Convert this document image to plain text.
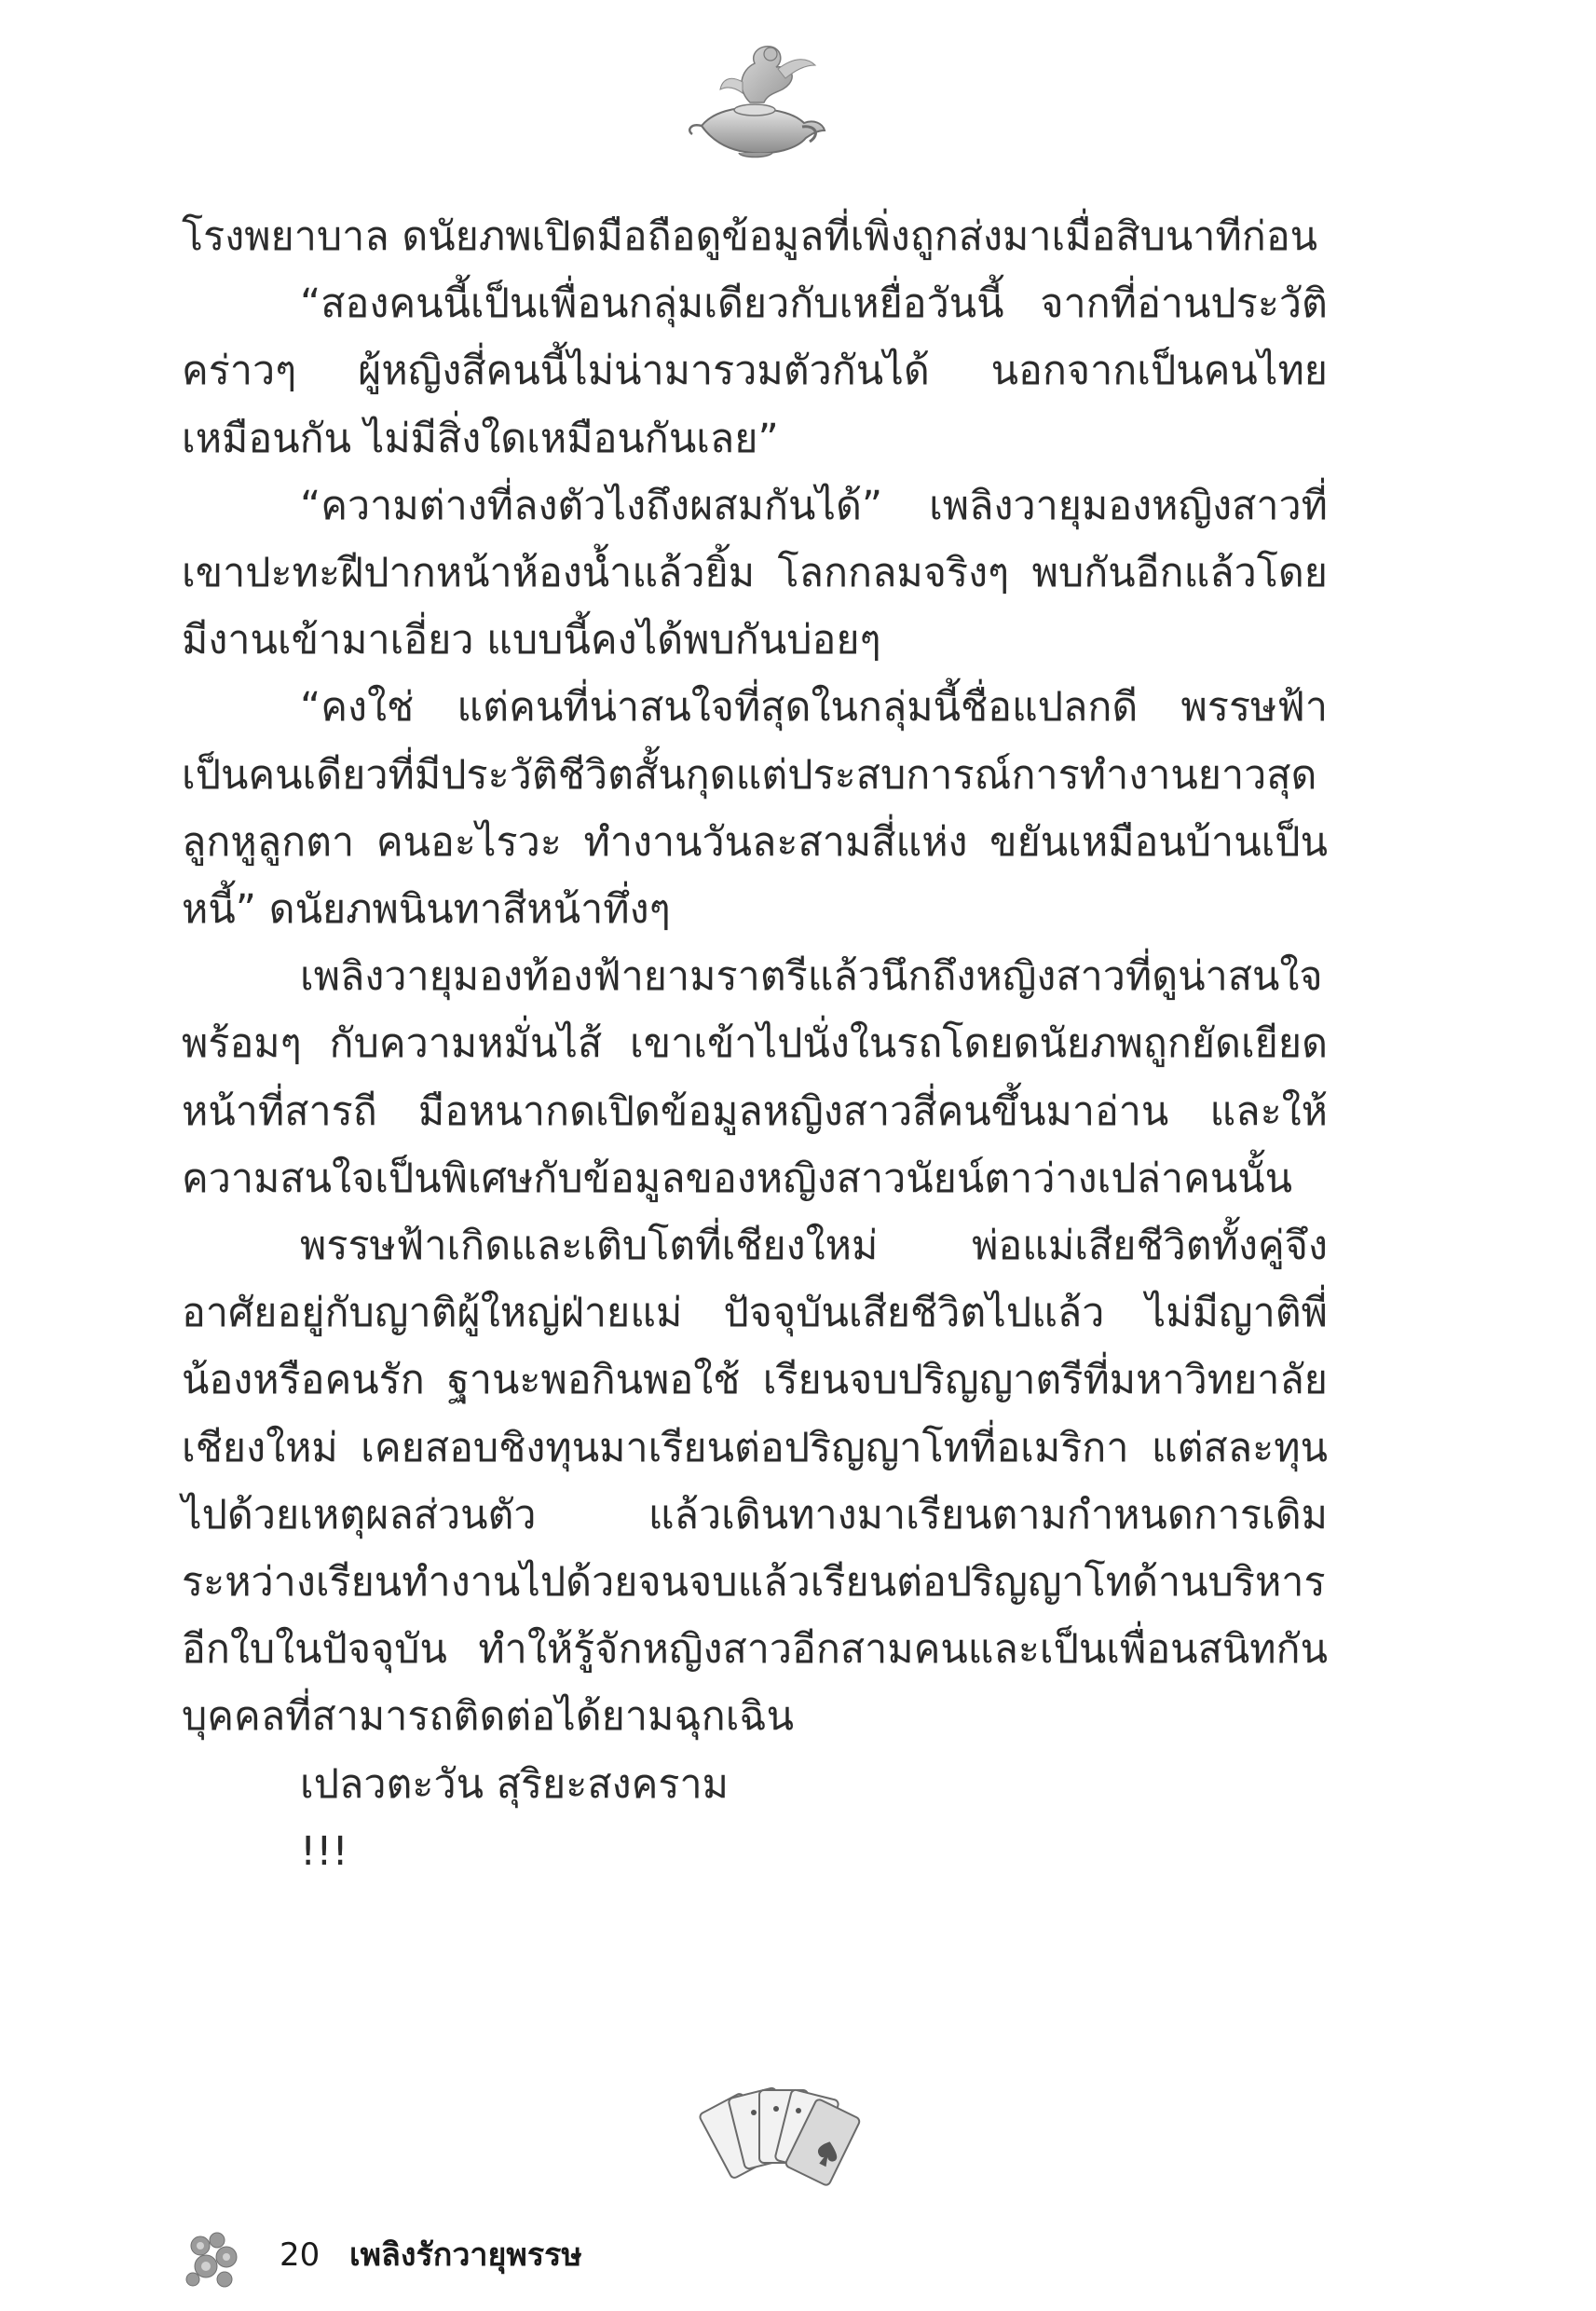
โรงพยาบาล ดนัยภพเปิดมือถือดูข้อมูลที่เพิ่งถูกส่งมาเมื่อสิบนาทีก่อน

“สองคนนี้เป็นเพื่อนกลุ่มเดียวกับเหยื่อวันนี้ จากที่อ่านประวัติคร่าวๆ ผู้หญิงสี่คนนี้ไม่น่ามารวมตัวกันได้ นอกจากเป็นคนไทยเหมือนกัน ไม่มีสิ่งใดเหมือนกันเลย”

“ความต่างที่ลงตัวไงถึงผสมกันได้” เพลิงวายุมองหญิงสาวที่เขาปะทะฝีปากหน้าห้องน้ำแล้วยิ้ม โลกกลมจริงๆ พบกันอีกแล้วโดยมีงานเข้ามาเอี่ยว แบบนี้คงได้พบกันบ่อยๆ

“คงใช่ แต่คนที่น่าสนใจที่สุดในกลุ่มนี้ชื่อแปลกดี พรรษฟ้า เป็นคนเดียวที่มีประวัติชีวิตสั้นกุดแต่ประสบการณ์การทำงานยาวสุดลูกหูลูกตา คนอะไรวะ ทำงานวันละสามสี่แห่ง ขยันเหมือนบ้านเป็นหนี้” ดนัยภพนินทาสีหน้าทึ่งๆ

เพลิงวายุมองท้องฟ้ายามราตรีแล้วนึกถึงหญิงสาวที่ดูน่าสนใจพร้อมๆ กับความหมั่นไส้ เขาเข้าไปนั่งในรถโดยดนัยภพถูกยัดเยียดหน้าที่สารถี มือหนากดเปิดข้อมูลหญิงสาวสี่คนขึ้นมาอ่าน และให้ความสนใจเป็นพิเศษกับข้อมูลของหญิงสาวนัยน์ตาว่างเปล่าคนนั้น

พรรษฟ้าเกิดและเติบโตที่เชียงใหม่ พ่อแม่เสียชีวิตทั้งคู่จึงอาศัยอยู่กับญาติผู้ใหญ่ฝ่ายแม่ ปัจจุบันเสียชีวิตไปแล้ว ไม่มีญาติพี่น้องหรือคนรัก ฐานะพอกินพอใช้ เรียนจบปริญญาตรีที่มหาวิทยาลัยเชียงใหม่ เคยสอบชิงทุนมาเรียนต่อปริญญาโทที่อเมริกา แต่สละทุนไปด้วยเหตุผลส่วนตัว แล้วเดินทางมาเรียนตามกำหนดการเดิม ระหว่างเรียนทำงานไปด้วยจนจบแล้วเรียนต่อปริญญาโทด้านบริหารอีกใบในปัจจุบัน ทำให้รู้จักหญิงสาวอีกสามคนและเป็นเพื่อนสนิทกัน บุคคลที่สามารถติดต่อได้ยามฉุกเฉิน

เปลวตะวัน สุริยะสงคราม

!!!

20 เพลิงรักวายุพรรษ
